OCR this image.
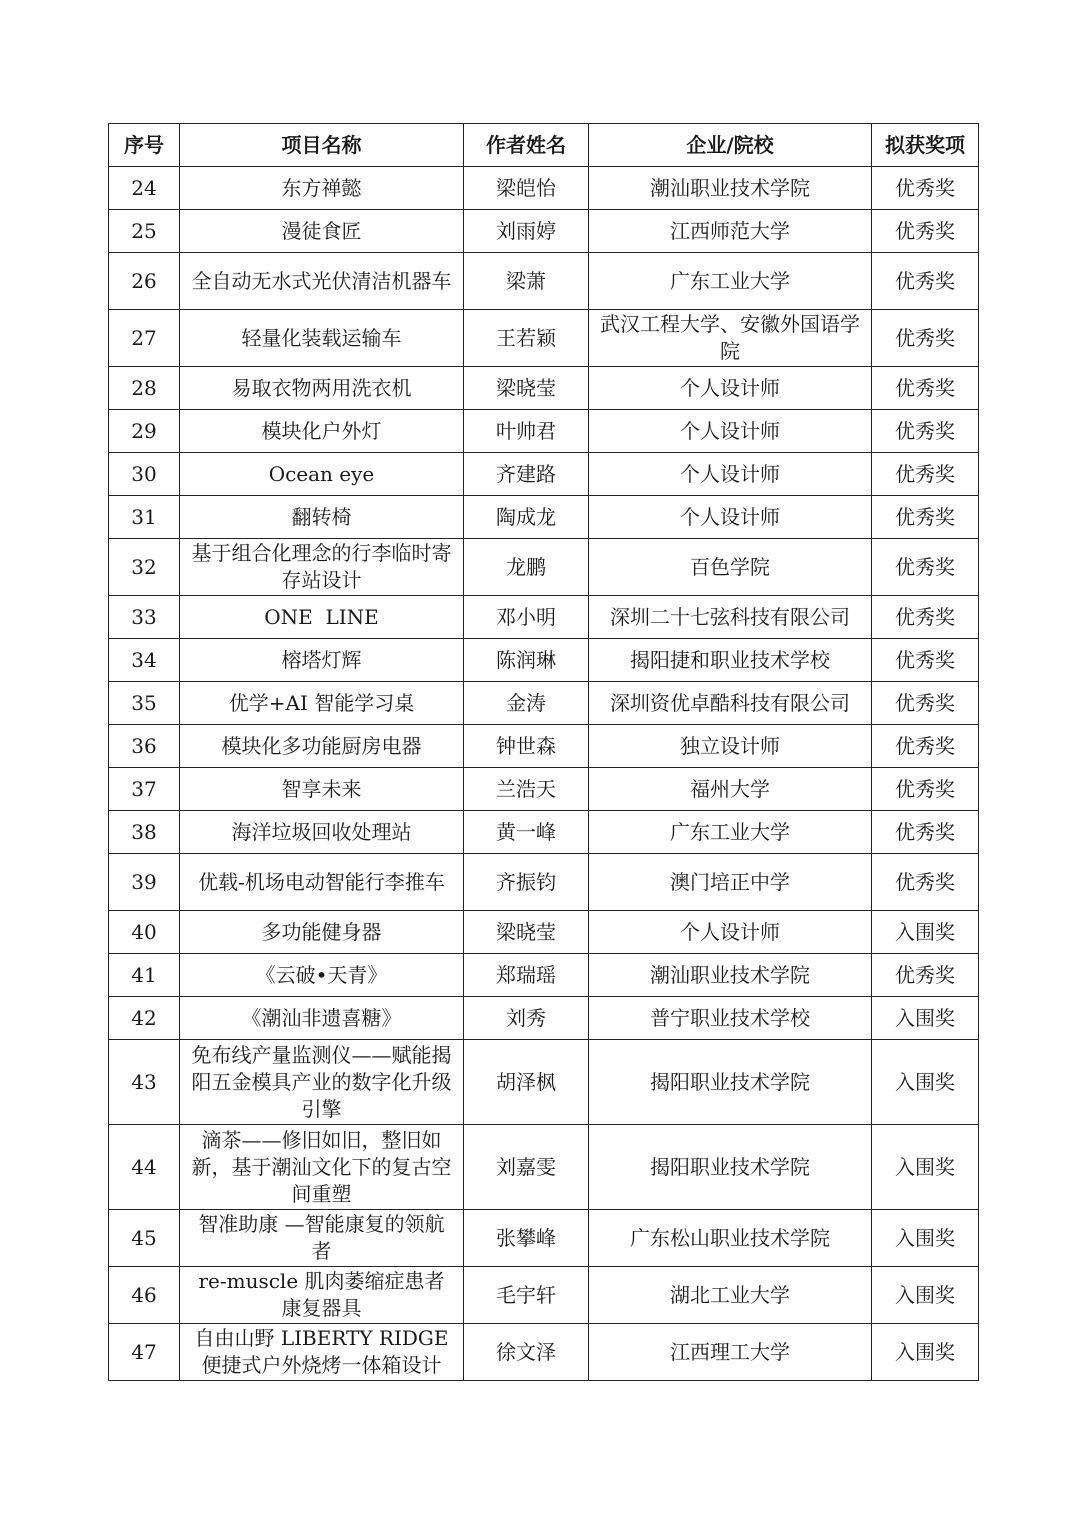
序号	项目名称	作者姓名	企业/院校	拟获奖项
24	东方禅懿	梁皑怡	潮汕职业技术学院	优秀奖
25	漫徒食匠	刘雨婷	江西师范大学	优秀奖
26	全自动无水式光伏清洁机器车	梁萧	广东工业大学	优秀奖
27	轻量化装载运输车	王若颖	武汉工程大学、安徽外国语学院	优秀奖
28	易取衣物两用洗衣机	梁晓莹	个人设计师	优秀奖
29	模块化户外灯	叶帅君	个人设计师	优秀奖
30	Ocean eye	齐建路	个人设计师	优秀奖
31	翻转椅	陶成龙	个人设计师	优秀奖
32	基于组合化理念的行李临时寄存站设计	龙鹏	百色学院	优秀奖
33	ONE  LINE	邓小明	深圳二十七弦科技有限公司	优秀奖
34	榕塔灯辉	陈润琳	揭阳捷和职业技术学校	优秀奖
35	优学+AI 智能学习桌	金涛	深圳资优卓酷科技有限公司	优秀奖
36	模块化多功能厨房电器	钟世森	独立设计师	优秀奖
37	智享未来	兰浩天	福州大学	优秀奖
38	海洋垃圾回收处理站	黄一峰	广东工业大学	优秀奖
39	优载-机场电动智能行李推车	齐振钧	澳门培正中学	优秀奖
40	多功能健身器	梁晓莹	个人设计师	入围奖
41	《云破•天青》	郑瑞瑶	潮汕职业技术学院	优秀奖
42	《潮汕非遗喜糖》	刘秀	普宁职业技术学校	入围奖
43	免布线产量监测仪——赋能揭阳五金模具产业的数字化升级引擎	胡泽枫	揭阳职业技术学院	入围奖
44	滴茶——修旧如旧，整旧如新，基于潮汕文化下的复古空间重塑	刘嘉雯	揭阳职业技术学院	入围奖
45	智准助康 —智能康复的领航者	张攀峰	广东松山职业技术学院	入围奖
46	re-muscle 肌肉萎缩症患者康复器具	毛宇轩	湖北工业大学	入围奖
47	自由山野 LIBERTY RIDGE 便捷式户外烧烤一体箱设计	徐文泽	江西理工大学	入围奖
